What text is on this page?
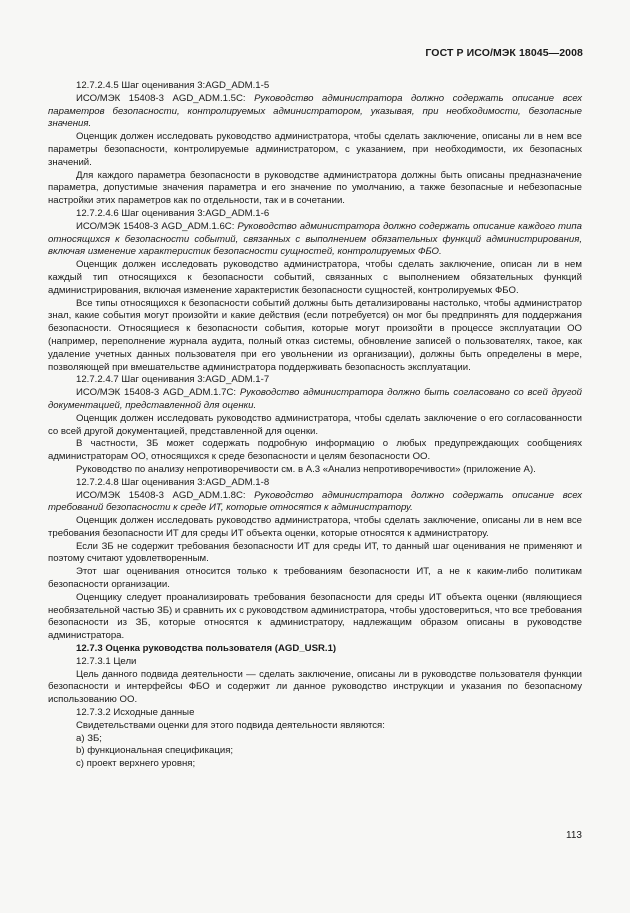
ГОСТ Р ИСО/МЭК 18045—2008

12.7.2.4.5 Шаг оценивания 3:AGD_ADM.1-5

ИСО/МЭК 15408-3 AGD_ADM.1.5С: Руководство администратора должно содержать описание всех параметров безопасности, контролируемых администратором, указывая, при необходимости, безопасные значения.

Оценщик должен исследовать руководство администратора, чтобы сделать заключение, описаны ли в нем все параметры безопасности, контролируемые администратором, с указанием, при необходимости, их безопасных значений.

Для каждого параметра безопасности в руководстве администратора должны быть описаны предназначение параметра, допустимые значения параметра и его значение по умолчанию, а также безопасные и небезопасные настройки этих параметров как по отдельности, так и в сочетании.

12.7.2.4.6 Шаг оценивания 3:AGD_ADM.1-6

ИСО/МЭК 15408-3 AGD_ADM.1.6С: Руководство администратора должно содержать описание каждого типа относящихся к безопасности событий, связанных с выполнением обязательных функций администрирования, включая изменение характеристик безопасности сущностей, контролируемых ФБО.

Оценщик должен исследовать руководство администратора, чтобы сделать заключение, описан ли в нем каждый тип относящихся к безопасности событий, связанных с выполнением обязательных функций администрирования, включая изменение характеристик безопасности сущностей, контролируемых ФБО.

Все типы относящихся к безопасности событий должны быть детализированы настолько, чтобы администратор знал, какие события могут произойти и какие действия (если потребуется) он мог бы предпринять для поддержания безопасности. Относящиеся к безопасности события, которые могут произойти в процессе эксплуатации ОО (например, переполнение журнала аудита, полный отказ системы, обновление записей о пользователях, такое, как удаление учетных данных пользователя при его увольнении из организации), должны быть определены в мере, позволяющей при вмешательстве администратора поддерживать безопасность эксплуатации.

12.7.2.4.7 Шаг оценивания 3:AGD_ADM.1-7

ИСО/МЭК 15408-3 AGD_ADM.1.7С: Руководство администратора должно быть согласовано со всей другой документацией, представленной для оценки.

Оценщик должен исследовать руководство администратора, чтобы сделать заключение о его согласованности со всей другой документацией, представленной для оценки.

В частности, ЗБ может содержать подробную информацию о любых предупреждающих сообщениях администраторам ОО, относящихся к среде безопасности и целям безопасности ОО.

Руководство по анализу непротиворечивости см. в А.3 «Анализ непротиворечивости» (приложение А).

12.7.2.4.8 Шаг оценивания 3:AGD_ADM.1-8

ИСО/МЭК 15408-3 AGD_ADM.1.8С: Руководство администратора должно содержать описание всех требований безопасности к среде ИТ, которые относятся к администратору.

Оценщик должен исследовать руководство администратора, чтобы сделать заключение, описаны ли в нем все требования безопасности ИТ для среды ИТ объекта оценки, которые относятся к администратору.

Если ЗБ не содержит требования безопасности ИТ для среды ИТ, то данный шаг оценивания не применяют и поэтому считают удовлетворенным.

Этот шаг оценивания относится только к требованиям безопасности ИТ, а не к каким-либо политикам безопасности организации.

Оценщику следует проанализировать требования безопасности для среды ИТ объекта оценки (являющиеся необязательной частью ЗБ) и сравнить их с руководством администратора, чтобы удостовериться, что все требования безопасности из ЗБ, которые относятся к администратору, надлежащим образом описаны в руководстве администратора.

12.7.3 Оценка руководства пользователя (AGD_USR.1)

12.7.3.1 Цели

Цель данного подвида деятельности — сделать заключение, описаны ли в руководстве пользователя функции безопасности и интерфейсы ФБО и содержит ли данное руководство инструкции и указания по безопасному использованию ОО.

12.7.3.2 Исходные данные

Свидетельствами оценки для этого подвида деятельности являются:

а) ЗБ;

b) функциональная спецификация;

с) проект верхнего уровня;

113
